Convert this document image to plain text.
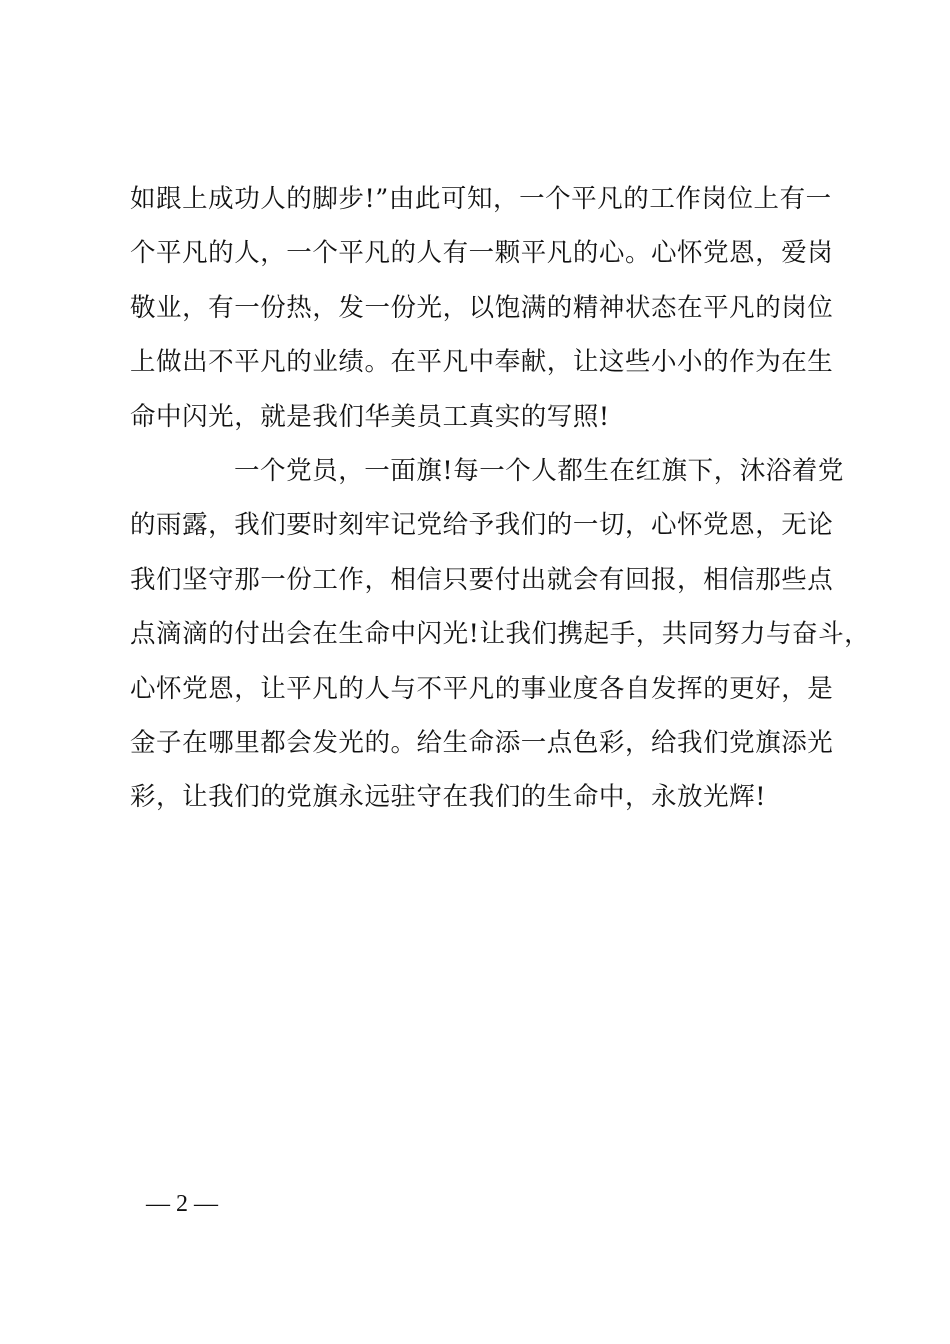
如跟上成功人的脚步!”由此可知，一个平凡的工作岗位上有一
个平凡的人，一个平凡的人有一颗平凡的心。心怀党恩，爱岗
敬业，有一份热，发一份光，以饱满的精神状态在平凡的岗位
上做出不平凡的业绩。在平凡中奉献，让这些小小的作为在生
命中闪光，就是我们华美员工真实的写照!
一个党员，一面旗!每一个人都生在红旗下，沐浴着党
的雨露，我们要时刻牢记党给予我们的一切，心怀党恩，无论
我们坚守那一份工作，相信只要付出就会有回报，相信那些点
点滴滴的付出会在生命中闪光!让我们携起手，共同努力与奋斗，
心怀党恩，让平凡的人与不平凡的事业度各自发挥的更好，是
金子在哪里都会发光的。给生命添一点色彩，给我们党旗添光
彩，让我们的党旗永远驻守在我们的生命中，永放光辉!
— 2 —
